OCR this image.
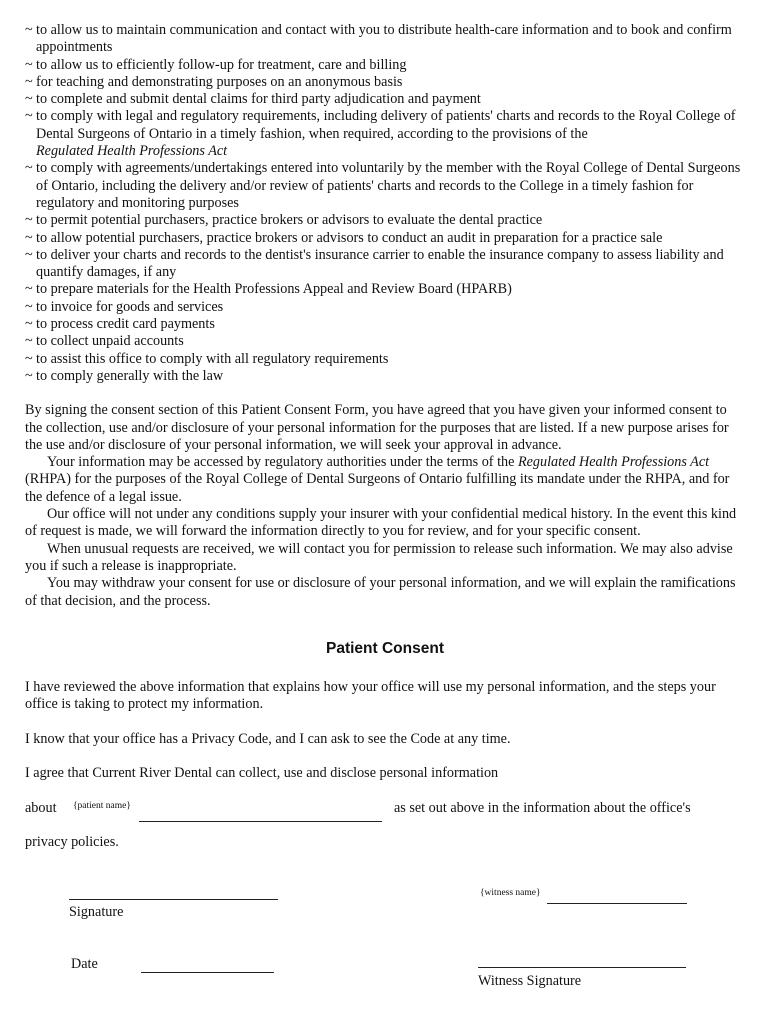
~ to allow us to maintain communication and contact with you to distribute health-care information and to book and confirm appointments
~ to allow us to efficiently follow-up for treatment, care and billing
~ for teaching and demonstrating purposes on an anonymous basis
~ to complete and submit dental claims for third party adjudication and payment
~ to comply with legal and regulatory requirements, including delivery of patients' charts and records to the Royal College of Dental Surgeons of Ontario in a timely fashion, when required, according to the provisions of the
Regulated Health Professions Act
~ to comply with agreements/undertakings entered into voluntarily by the member with the Royal College of Dental Surgeons of Ontario, including the delivery and/or review of patients' charts and records to the College in a timely fashion for regulatory and monitoring purposes
~ to permit potential purchasers, practice brokers or advisors to evaluate the dental practice
~ to allow potential purchasers, practice brokers or advisors to conduct an audit in preparation for a practice sale
~ to deliver your charts and records to the dentist's insurance carrier to enable the insurance company to assess liability and quantify damages, if any
~ to prepare materials for the Health Professions Appeal and Review Board (HPARB)
~ to invoice for goods and services
~ to process credit card payments
~ to collect unpaid accounts
~ to assist this office to comply with all regulatory requirements
~ to comply generally with the law

By signing the consent section of this Patient Consent Form, you have agreed that you have given your informed consent to the collection, use and/or disclosure of your personal information for the purposes that are listed. If a new purpose arises for the use and/or disclosure of your personal information, we will seek your approval in advance.

Your information may be accessed by regulatory authorities under the terms of the Regulated Health Professions Act (RHPA) for the purposes of the Royal College of Dental Surgeons of Ontario fulfilling its mandate under the RHPA, and for the defence of a legal issue.

Our office will not under any conditions supply your insurer with your confidential medical history. In the event this kind of request is made, we will forward the information directly to you for review, and for your specific consent.

When unusual requests are received, we will contact you for permission to release such information. We may also advise you if such a release is inappropriate.

You may withdraw your consent for use or disclosure of your personal information, and we will explain the ramifications of that decision, and the process.

Patient Consent

I have reviewed the above information that explains how your office will use my personal information, and the steps your office is taking to protect my information.

I know that your office has a Privacy Code, and I can ask to see the Code at any time.

I agree that Current River Dental can collect, use and disclose personal information

about {patient name}	as set out above in the information about the office's
privacy policies.
Signature
{witness name}
Date
Witness Signature
